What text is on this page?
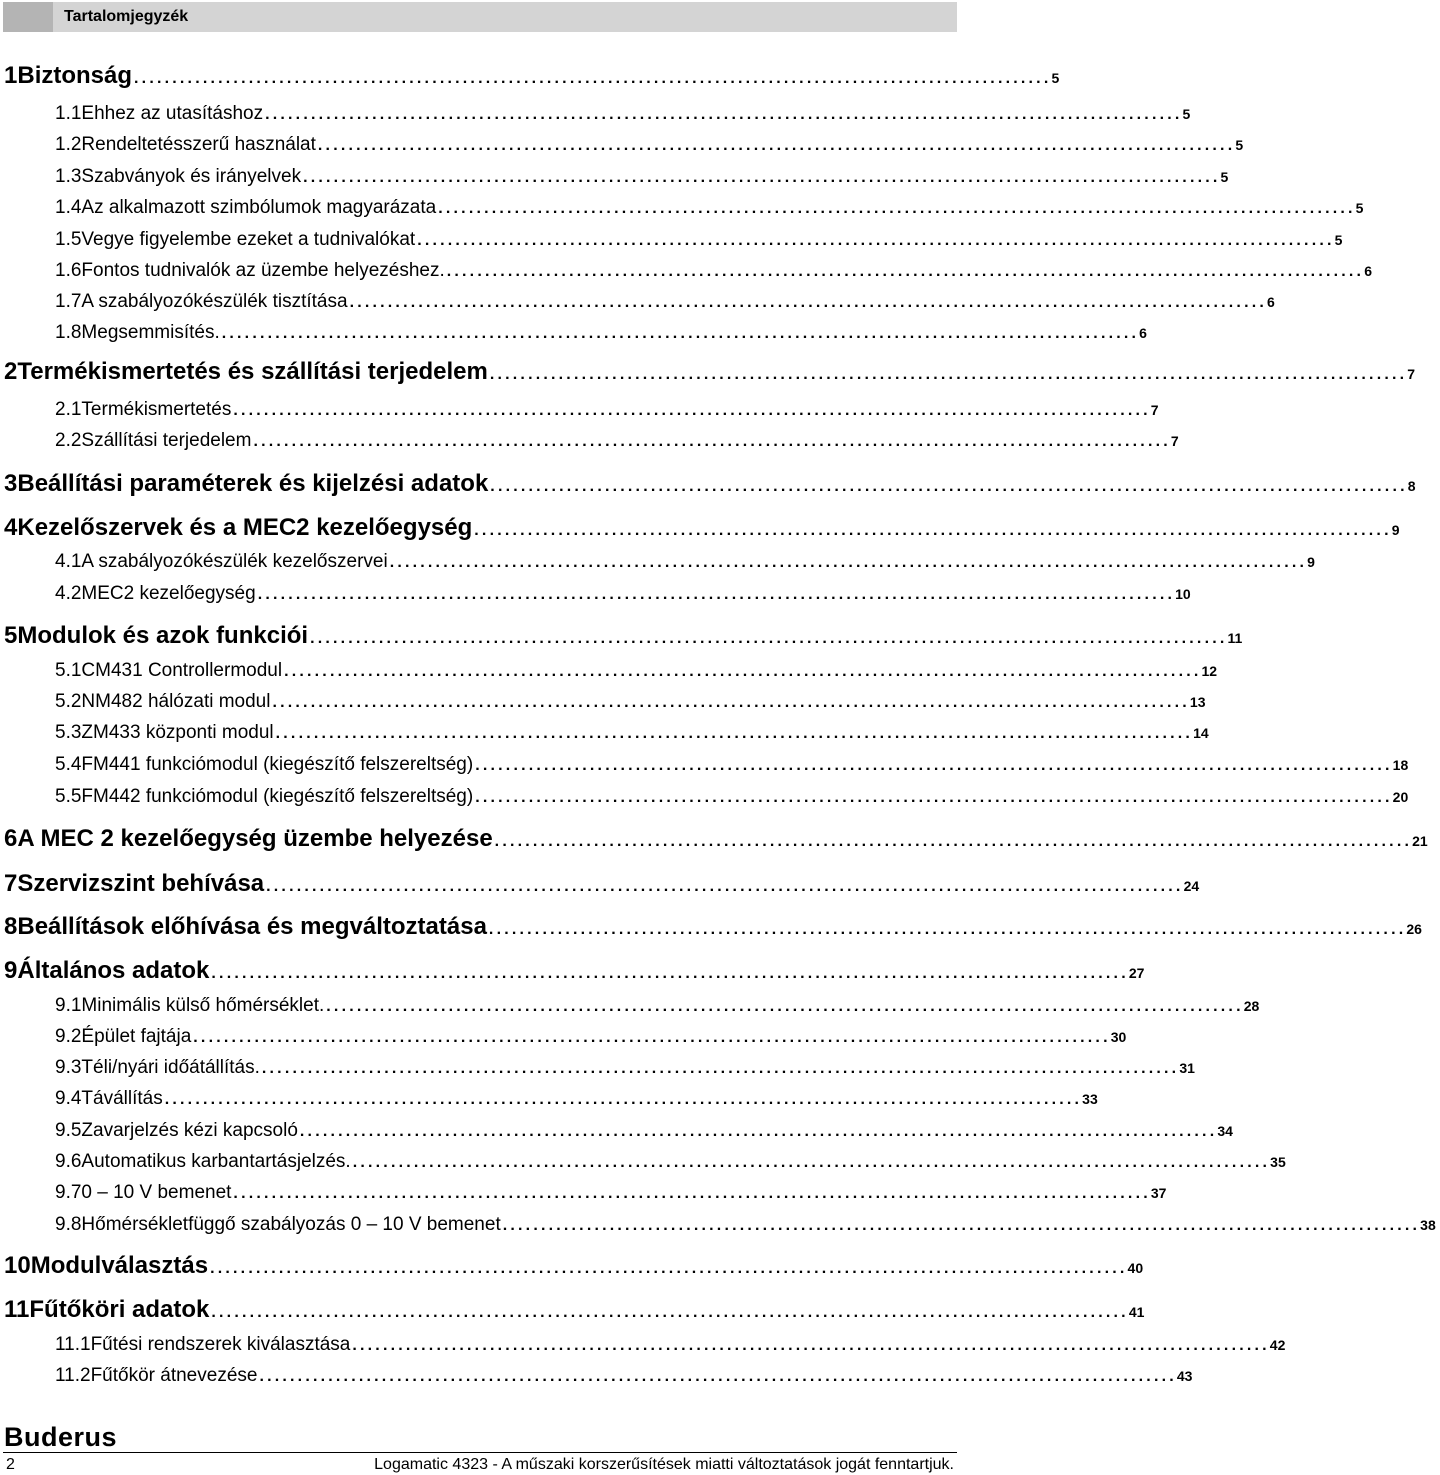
Tartalomjegyzék
1 Biztonság ........................................................................................................................ 5
1.1 Ehhez az utasításhoz ........................................................................................................................ 5
1.2 Rendeltetésszerű használat ........................................................................................................................ 5
1.3 Szabványok és irányelvek ........................................................................................................................ 5
1.4 Az alkalmazott szimbólumok magyarázata ........................................................................................................................ 5
1.5 Vegye figyelembe ezeket a tudnivalókat ........................................................................................................................ 5
1.6 Fontos tudnivalók az üzembe helyezéshez. ........................................................................................................................ 6
1.7 A szabályozókészülék tisztítása ........................................................................................................................ 6
1.8 Megsemmisítés. ........................................................................................................................ 6
2 Termékismertetés és szállítási terjedelem ........................................................................................................................ 7
2.1 Termékismertetés ........................................................................................................................ 7
2.2 Szállítási terjedelem ........................................................................................................................ 7
3 Beállítási paraméterek és kijelzési adatok ........................................................................................................................ 8
4 Kezelőszervek és a MEC2 kezelőegység ........................................................................................................................ 9
4.1 A szabályozókészülék kezelőszervei ........................................................................................................................ 9
4.2 MEC2 kezelőegység ........................................................................................................................ 10
5 Modulok és azok funkciói ........................................................................................................................ 11
5.1 CM431 Controllermodul ........................................................................................................................ 12
5.2 NM482 hálózati modul ........................................................................................................................ 13
5.3 ZM433 központi modul ........................................................................................................................ 14
5.4 FM441 funkciómodul (kiegészítő felszereltség) ........................................................................................................................ 18
5.5 FM442 funkciómodul (kiegészítő felszereltség) ........................................................................................................................ 20
6 A MEC 2 kezelőegység üzembe helyezése ........................................................................................................................ 21
7 Szervizszint behívása ........................................................................................................................ 24
8 Beállítások előhívása és megváltoztatása ........................................................................................................................ 26
9 Általános adatok ........................................................................................................................ 27
9.1 Minimális külső hőmérséklet. ........................................................................................................................ 28
9.2 Épület fajtája ........................................................................................................................ 30
9.3 Téli/nyári időátállítás. ........................................................................................................................ 31
9.4 Távállítás ........................................................................................................................ 33
9.5 Zavarjelzés kézi kapcsoló ........................................................................................................................ 34
9.6 Automatikus karbantartásjelzés. ........................................................................................................................ 35
9.7 0 – 10 V bemenet ........................................................................................................................ 37
9.8 Hőmérsékletfüggő szabályozás 0 – 10 V bemenet ........................................................................................................................ 38
10 Modulválasztás ........................................................................................................................ 40
11 Fűtőköri adatok ........................................................................................................................ 41
11.1 Fűtési rendszerek kiválasztása ........................................................................................................................ 42
11.2 Fűtőkör átnevezése ........................................................................................................................ 43
Buderus
2	Logamatic 4323 - A műszaki korszerűsítések miatti változtatások jogát fenntartjuk.
